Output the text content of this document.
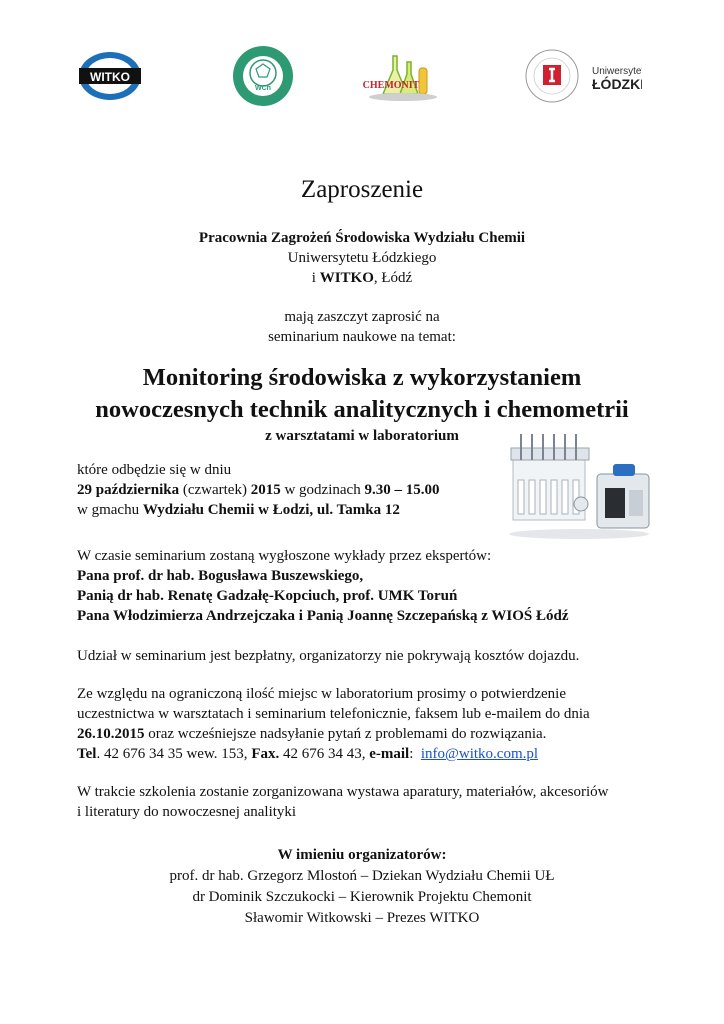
WITKO
WCh	CHEMONIT
Uniwersytet
ŁÓDZKI
Zaproszenie
Pracownia Zagrożeń Środowiska Wydziału Chemii
Uniwersytetu Łódzkiego
i WITKO, Łódź
mają zaszczyt zaprosić na
seminarium naukowe na temat:
Monitoring środowiska z wykorzystaniem
nowoczesnych technik analitycznych i chemometrii
z warsztatami w laboratorium
które odbędzie się w dniu
29 października (czwartek) 2015 w godzinach 9.30 – 15.00
w gmachu Wydziału Chemii w Łodzi, ul. Tamka 12
W czasie seminarium zostaną wygłoszone wykłady przez ekspertów:
Pana prof. dr hab. Bogusława Buszewskiego,
Panią dr hab. Renatę Gadzałę-Kopciuch, prof. UMK Toruń
Pana Włodzimierza Andrzejczaka i Panią Joannę Szczepańską z WIOŚ Łódź
Udział w seminarium jest bezpłatny, organizatorzy nie pokrywają kosztów dojazdu.
Ze względu na ograniczoną ilość miejsc w laboratorium prosimy o potwierdzenie
uczestnictwa w warsztatach i seminarium telefonicznie, faksem lub e-mailem do dnia
26.10.2015 oraz wcześniejsze nadsyłanie pytań z problemami do rozwiązania.
Tel. 42 676 34 35 wew. 153, Fax. 42 676 34 43, e-mail:  info@witko.com.pl
W trakcie szkolenia zostanie zorganizowana wystawa aparatury, materiałów, akcesoriów
i literatury do nowoczesnej analityki
W imieniu organizatorów:
prof. dr hab. Grzegorz Mlostoń – Dziekan Wydziału Chemii UŁ
dr Dominik Szczukocki – Kierownik Projektu Chemonit
Sławomir Witkowski – Prezes WITKO
